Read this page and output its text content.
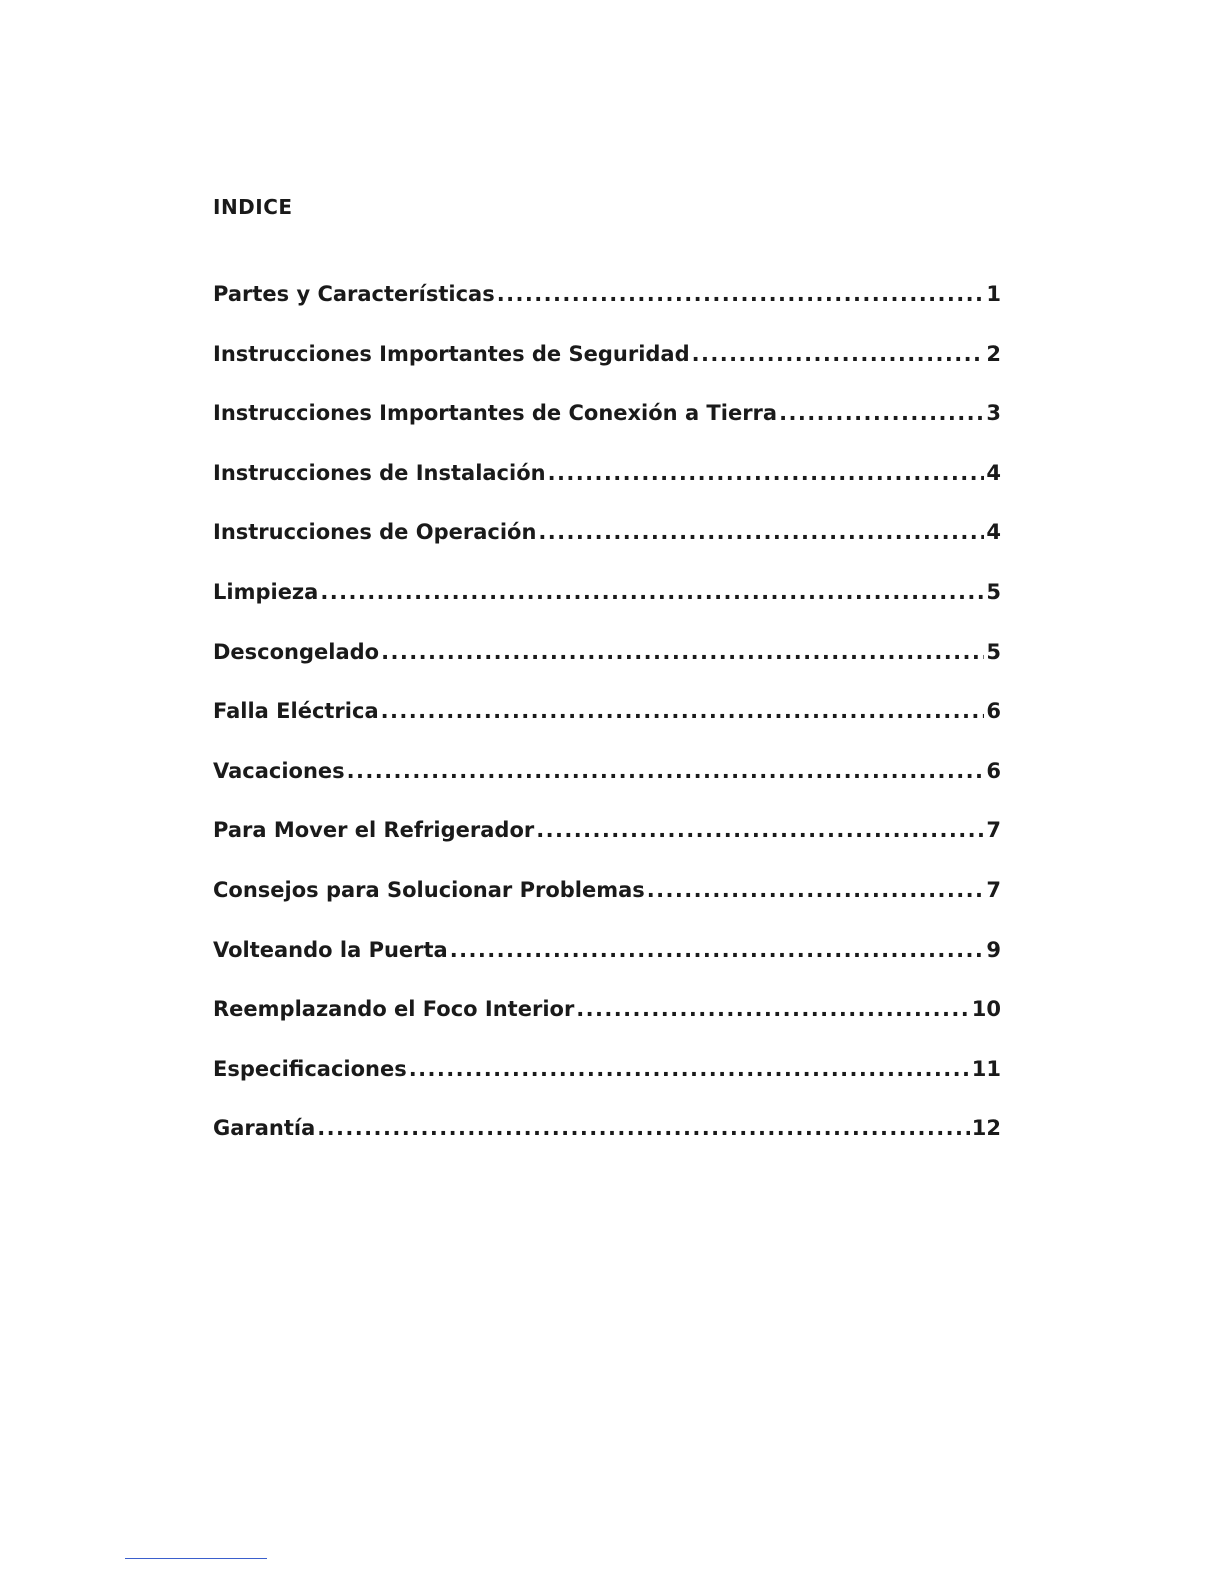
INDICE
Partes y Características .....	1
Instrucciones Importantes de Seguridad .....	2
Instrucciones Importantes de Conexión a Tierra .....	3
Instrucciones de Instalación .....	4
Instrucciones de Operación .....	4
Limpieza .....	5
Descongelado .....	5
Falla Eléctrica .....	6
Vacaciones .....	6
Para Mover el Refrigerador .....	7
Consejos para Solucionar Problemas .....	7
Volteando la Puerta .....	9
Reemplazando el Foco Interior .....	10
Especificaciones .....	11
Garantía .....	12
